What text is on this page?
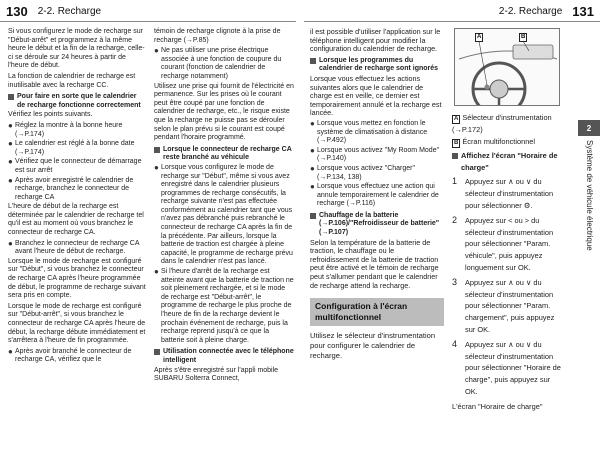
130 2-2. Recharge	2-2. Recharge 131

Si vous configurez le mode de recharge sur "Début-arrêt" et programmez à la même heure le début et la fin de la recharge, celle-ci se déroule sur 24 heures à partir de l'heure de début.

La fonction de calendrier de recharge est inutilisable avec la recharge CC.

Pour faire en sorte que le calendrier de recharge fonctionne correctement

Vérifiez les points suivants.

● Réglez la montre à la bonne heure (→P.174)
● Le calendrier est réglé à la bonne date (→P.174)
● Vérifiez que le connecteur de démarrage est sur arrêt
● Après avoir enregistré le calendrier de recharge, branchez le connecteur de recharge CA

L'heure de début de la recharge est déterminée par le calendrier de recharge tel qu'il est au moment où vous branchez le connecteur de recharge CA.

● Branchez le connecteur de recharge CA avant l'heure de début de recharge.

Lorsque le mode de recharge est configuré sur "Début", si vous branchez le connecteur de recharge CA après l'heure programmée de début, le programme de recharge suivant sera pris en compte.

Lorsque le mode de recharge est configuré sur "Début-arrêt", si vous branchez le connecteur de recharge CA après l'heure de début, la recharge débute immédiatement et s'arrêtera à l'heure de fin programmée.

● Après avoir branché le connecteur de recharge CA, vérifiez que le

témoin de recharge clignote à la prise de recharge (→P.85)

● Ne pas utiliser une prise électrique associée à une fonction de coupure du courant (fonction de calendrier de recharge notamment)

Utilisez une prise qui fournit de l'électricité en permanence. Sur les prises où le courant peut être coupé par une fonction de calendrier de recharge, etc., le risque existe que la recharge ne puisse pas se dérouler selon le plan prévu si le courant est coupé pendant l'horaire programmé.

Lorsque le connecteur de recharge CA reste branché au véhicule
● Lorsque vous configurez le mode de recharge sur "Début", même si vous avez enregistré dans le calendrier plusieurs programmes de recharge consécutifs, la recharge suivante n'est pas effectuée conformément au calendrier tant que vous n'avez pas débranché puis rebranché le connecteur de recharge CA après la fin de la précédente. Par ailleurs, lorsque la batterie de traction est chargée à pleine capacité, le programme de recharge prévu dans le calendrier n'est pas lancé.
● Si l'heure d'arrêt de la recharge est atteinte avant que la batterie de traction ne soit pleinement rechargée, et si le mode de recharge est "Début-arrêt", le programme de recharge le plus proche de l'heure de fin de la recharge devient le prochain événement de recharge, puis la recharge reprend jusqu'à ce que la batterie soit à pleine charge.
Utilisation connectée avec le téléphone intelligent

Après s'être enregistré sur l'appli mobile SUBARU Solterra Connect,

il est possible d'utiliser l'application sur le téléphone intelligent pour modifier la configuration du calendrier de recharge.

Lorsque les programmes du calendrier de recharge sont ignorés

Lorsque vous effectuez les actions suivantes alors que le calendrier de charge est en veille, ce dernier est temporairement annulé et la recharge est lancée.

● Lorsque vous mettez en fonction le système de climatisation à distance (→P.492)
● Lorsque vous activez "My Room Mode" (→P.140)
● Lorsque vous activez "Charger" (→P.134, 138)
● Lorsque vous effectuez une action qui annule temporairement le calendrier de recharge (→P.116)
Chauffage de la batterie (→P.106)/"Refroidisseur de batterie" (→P.107)

Selon la température de la batterie de traction, le chauffage ou le refroidissement de la batterie de traction peut être activé et le témoin de recharge peut s'allumer pendant que le calendrier de recharge attend la recharge.

Configuration à l'écran multifonctionnel

Utilisez le sélecteur d'instrumentation pour configurer le calendrier de recharge.

A	B
A Sélecteur d'instrumentation (→P.172)
B Écran multifonctionnel
Affichez l'écran "Horaire de charge"
1	Appuyez sur ∧ ou ∨ du sélecteur d'instrumentation pour sélectionner ⚙.
2	Appuyez sur < ou > du sélecteur d'instrumentation pour sélectionner "Param. véhicule", puis appuyez longuement sur OK.
3	Appuyez sur ∧ ou ∨ du sélecteur d'instrumentation pour sélectionner "Param. chargement", puis appuyez sur OK.
4	Appuyez sur ∧ ou ∨ du sélecteur d'instrumentation pour sélectionner "Horaire de charge", puis appuyez sur OK.

L'écran "Horaire de charge"

2
Système de véhicule électrique
